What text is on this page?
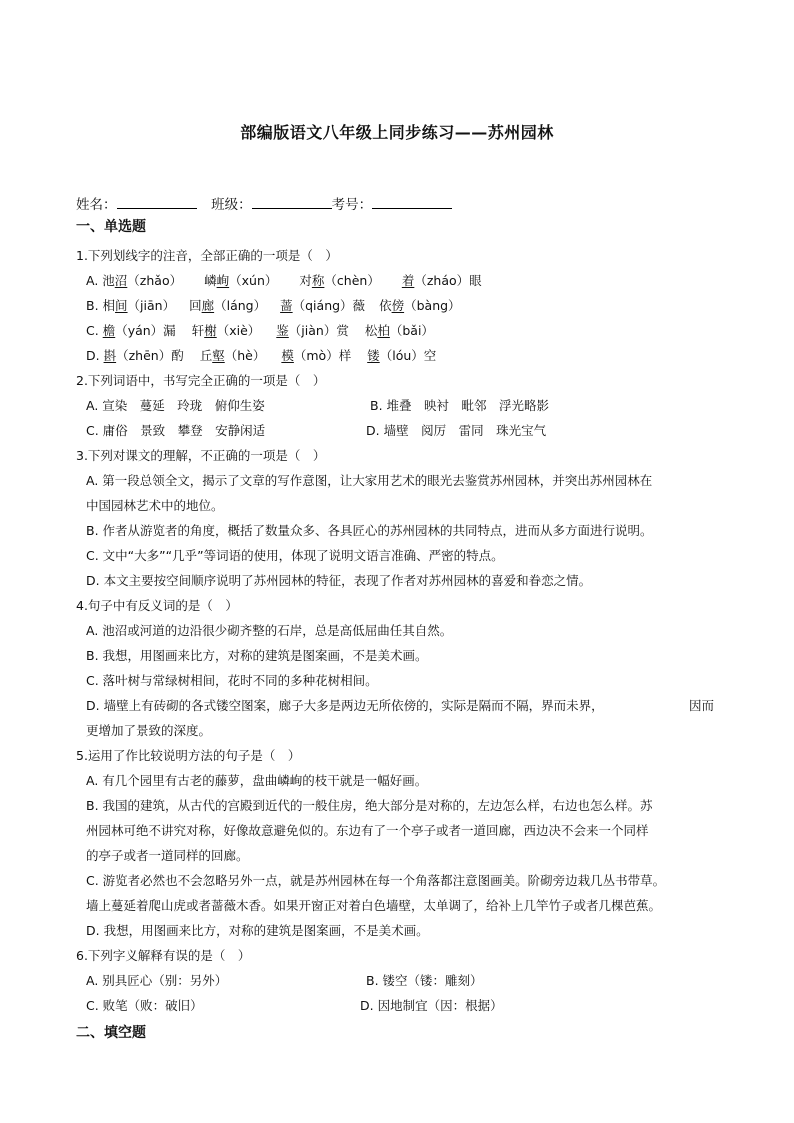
部编版语文八年级上同步练习——苏州园林
姓名：	班级：	考号：
一、单选题
1.下列划线字的注音，全部正确的一项是（　）
A. 池沼（zhǎo） 嶙峋（xún） 对称（chèn） 着（zháo）眼
B. 相间（jiān） 回廊（láng） 蔷（qiáng）薇 依傍（bàng）
C. 檐（yán）漏 轩榭（xiè） 鉴（jiàn）赏 松柏（bǎi）
D. 斟（zhēn）酌 丘壑（hè） 模（mò）样 镂（lóu）空
2.下列词语中，书写完全正确的一项是（　）
A. 宣染　蔓延　玲珑　俯仰生姿	B. 堆叠　映衬　毗邻　浮光略影
C. 庸俗　景致　攀登　安静闲适	D. 墙壁　阅厉　雷同　珠光宝气
3.下列对课文的理解，不正确的一项是（　）
A. 第一段总领全文，揭示了文章的写作意图，让大家用艺术的眼光去鉴赏苏州园林，并突出苏州园林在
中国园林艺术中的地位。
B. 作者从游览者的角度，概括了数量众多、各具匠心的苏州园林的共同特点，进而从多方面进行说明。
C. 文中“大多”“几乎”等词语的使用，体现了说明文语言准确、严密的特点。
D. 本文主要按空间顺序说明了苏州园林的特征，表现了作者对苏州园林的喜爱和眷恋之情。
4.句子中有反义词的是（　）
A. 池沼或河道的边沿很少砌齐整的石岸，总是高低屈曲任其自然。
B. 我想，用图画来比方，对称的建筑是图案画，不是美术画。
C. 落叶树与常绿树相间，花时不同的多种花树相间。
D. 墙壁上有砖砌的各式镂空图案，廊子大多是两边无所依傍的，实际是隔而不隔，界而未界，	因而
更增加了景致的深度。
5.运用了作比较说明方法的句子是（　）
A. 有几个园里有古老的藤萝，盘曲嶙峋的枝干就是一幅好画。
B. 我国的建筑，从古代的宫殿到近代的一般住房，绝大部分是对称的，左边怎么样，右边也怎么样。苏
州园林可绝不讲究对称，好像故意避免似的。东边有了一个亭子或者一道回廊，西边决不会来一个同样
的亭子或者一道同样的回廊。
C. 游览者必然也不会忽略另外一点，就是苏州园林在每一个角落都注意图画美。阶砌旁边栽几丛书带草。
墙上蔓延着爬山虎或者蔷薇木香。如果开窗正对着白色墙壁，太单调了，给补上几竿竹子或者几棵芭蕉。
D. 我想，用图画来比方，对称的建筑是图案画，不是美术画。
6.下列字义解释有误的是（　）
A. 别具匠心（别：另外）	B. 镂空（镂：雕刻）
C. 败笔（败：破旧）	D. 因地制宜（因：根据）
二、填空题
